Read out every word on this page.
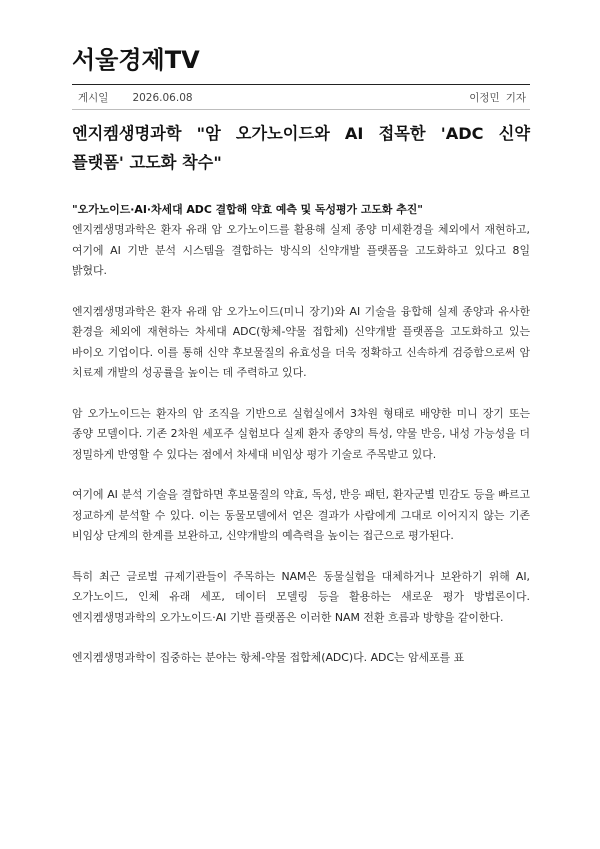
서울경제TV
게시일 2026.06.08	이정민 기자
엔지켐생명과학 "암 오가노이드와 AI 접목한 'ADC 신약 플랫폼' 고도화 착수"
"오가노이드·AI·차세대 ADC 결합해 약효 예측 및 독성평가 고도화 추진"

엔지켐생명과학은 환자 유래 암 오가노이드를 활용해 실제 종양 미세환경을 체외에서 재현하고, 여기에 AI 기반 분석 시스템을 결합하는 방식의 신약개발 플랫폼을 고도화하고 있다고 8일 밝혔다.

엔지켐생명과학은 환자 유래 암 오가노이드(미니 장기)와 AI 기술을 융합해 실제 종양과 유사한 환경을 체외에 재현하는 차세대 ADC(항체-약물 접합체) 신약개발 플랫폼을 고도화하고 있는 바이오 기업이다. 이를 통해 신약 후보물질의 유효성을 더욱 정확하고 신속하게 검증함으로써 암 치료제 개발의 성공률을 높이는 데 주력하고 있다.

암 오가노이드는 환자의 암 조직을 기반으로 실험실에서 3차원 형태로 배양한 미니 장기 또는 종양 모델이다. 기존 2차원 세포주 실험보다 실제 환자 종양의 특성, 약물 반응, 내성 가능성을 더 정밀하게 반영할 수 있다는 점에서 차세대 비임상 평가 기술로 주목받고 있다.

여기에 AI 분석 기술을 결합하면 후보물질의 약효, 독성, 반응 패턴, 환자군별 민감도 등을 빠르고 정교하게 분석할 수 있다. 이는 동물모델에서 얻은 결과가 사람에게 그대로 이어지지 않는 기존 비임상 단계의 한계를 보완하고, 신약개발의 예측력을 높이는 접근으로 평가된다.

특히 최근 글로벌 규제기관들이 주목하는 NAM은 동물실험을 대체하거나 보완하기 위해 AI, 오가노이드, 인체 유래 세포, 데이터 모델링 등을 활용하는 새로운 평가 방법론이다. 엔지켐생명과학의 오가노이드·AI 기반 플랫폼은 이러한 NAM 전환 흐름과 방향을 같이한다.

엔지켐생명과학이 집중하는 분야는 항체-약물 접합체(ADC)다. ADC는 암세포를 표
